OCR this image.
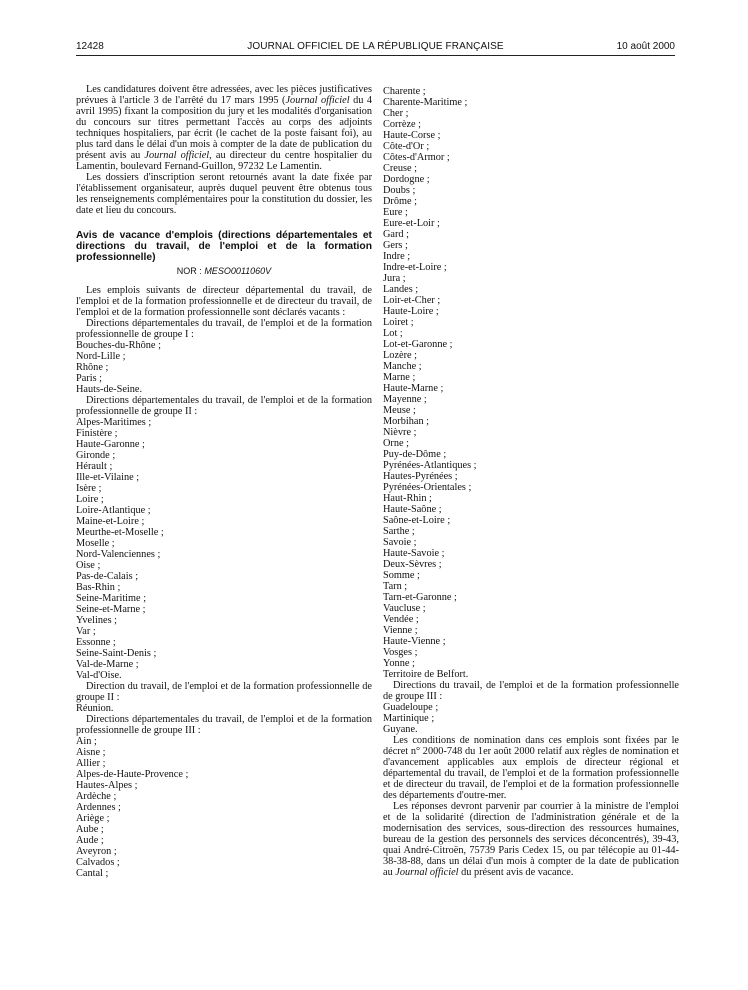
12428	JOURNAL OFFICIEL DE LA RÉPUBLIQUE FRANÇAISE	10 août 2000

Les candidatures doivent être adressées, avec les pièces justificatives prévues à l'article 3 de l'arrêté du 17 mars 1995 (Journal officiel du 4 avril 1995) fixant la composition du jury et les modalités d'organisation du concours sur titres permettant l'accès au corps des adjoints techniques hospitaliers, par écrit (le cachet de la poste faisant foi), au plus tard dans le délai d'un mois à compter de la date de publication du présent avis au Journal officiel, au directeur du centre hospitalier du Lamentin, boulevard Fernand-Guillon, 97232 Le Lamentin.

Les dossiers d'inscription seront retournés avant la date fixée par l'établissement organisateur, auprès duquel peuvent être obtenus tous les renseignements complémentaires pour la constitution du dossier, les date et lieu du concours.

Avis de vacance d'emplois (directions départementales et directions du travail, de l'emploi et de la formation professionnelle)

NOR : MESO0011060V

Les emplois suivants de directeur départemental du travail, de l'emploi et de la formation professionnelle et de directeur du travail, de l'emploi et de la formation professionnelle sont déclarés vacants :

Directions départementales du travail, de l'emploi et de la formation professionnelle de groupe I :

Bouches-du-Rhône ;
Nord-Lille ;
Rhône ;
Paris ;
Hauts-de-Seine.

Directions départementales du travail, de l'emploi et de la formation professionnelle de groupe II :

Alpes-Maritimes ;
Finistère ;
Haute-Garonne ;
Gironde ;
Hérault ;
Ille-et-Vilaine ;
Isère ;
Loire ;
Loire-Atlantique ;
Maine-et-Loire ;
Meurthe-et-Moselle ;
Moselle ;
Nord-Valenciennes ;
Oise ;
Pas-de-Calais ;
Bas-Rhin ;
Seine-Maritime ;
Seine-et-Marne ;
Yvelines ;
Var ;
Essonne ;
Seine-Saint-Denis ;
Val-de-Marne ;
Val-d'Oise.

Direction du travail, de l'emploi et de la formation professionnelle de groupe II :

Réunion.

Directions départementales du travail, de l'emploi et de la formation professionnelle de groupe III :

Ain ;
Aisne ;
Allier ;
Alpes-de-Haute-Provence ;
Hautes-Alpes ;
Ardèche ;
Ardennes ;
Ariège ;
Aube ;
Aude ;
Aveyron ;
Calvados ;
Cantal ;
Charente ;
Charente-Maritime ;
Cher ;
Corrèze ;
Haute-Corse ;
Côte-d'Or ;
Côtes-d'Armor ;
Creuse ;
Dordogne ;
Doubs ;
Drôme ;
Eure ;
Eure-et-Loir ;
Gard ;
Gers ;
Indre ;
Indre-et-Loire ;
Jura ;
Landes ;
Loir-et-Cher ;
Haute-Loire ;
Loiret ;
Lot ;
Lot-et-Garonne ;
Lozère ;
Manche ;
Marne ;
Haute-Marne ;
Mayenne ;
Meuse ;
Morbihan ;
Nièvre ;
Orne ;
Puy-de-Dôme ;
Pyrénées-Atlantiques ;
Hautes-Pyrénées ;
Pyrénées-Orientales ;
Haut-Rhin ;
Haute-Saône ;
Saône-et-Loire ;
Sarthe ;
Savoie ;
Haute-Savoie ;
Deux-Sèvres ;
Somme ;
Tarn ;
Tarn-et-Garonne ;
Vaucluse ;
Vendée ;
Vienne ;
Haute-Vienne ;
Vosges ;
Yonne ;
Territoire de Belfort.

Directions du travail, de l'emploi et de la formation professionnelle de groupe III :

Guadeloupe ;
Martinique ;
Guyane.

Les conditions de nomination dans ces emplois sont fixées par le décret n° 2000-748 du 1er août 2000 relatif aux règles de nomination et d'avancement applicables aux emplois de directeur régional et départemental du travail, de l'emploi et de la formation professionnelle et de directeur du travail, de l'emploi et de la formation professionnelle des départements d'outre-mer.

Les réponses devront parvenir par courrier à la ministre de l'emploi et de la solidarité (direction de l'administration générale et de la modernisation des services, sous-direction des ressources humaines, bureau de la gestion des personnels des services déconcentrés), 39-43, quai André-Citroën, 75739 Paris Cedex 15, ou par télécopie au 01-44-38-38-88, dans un délai d'un mois à compter de la date de publication au Journal officiel du présent avis de vacance.
